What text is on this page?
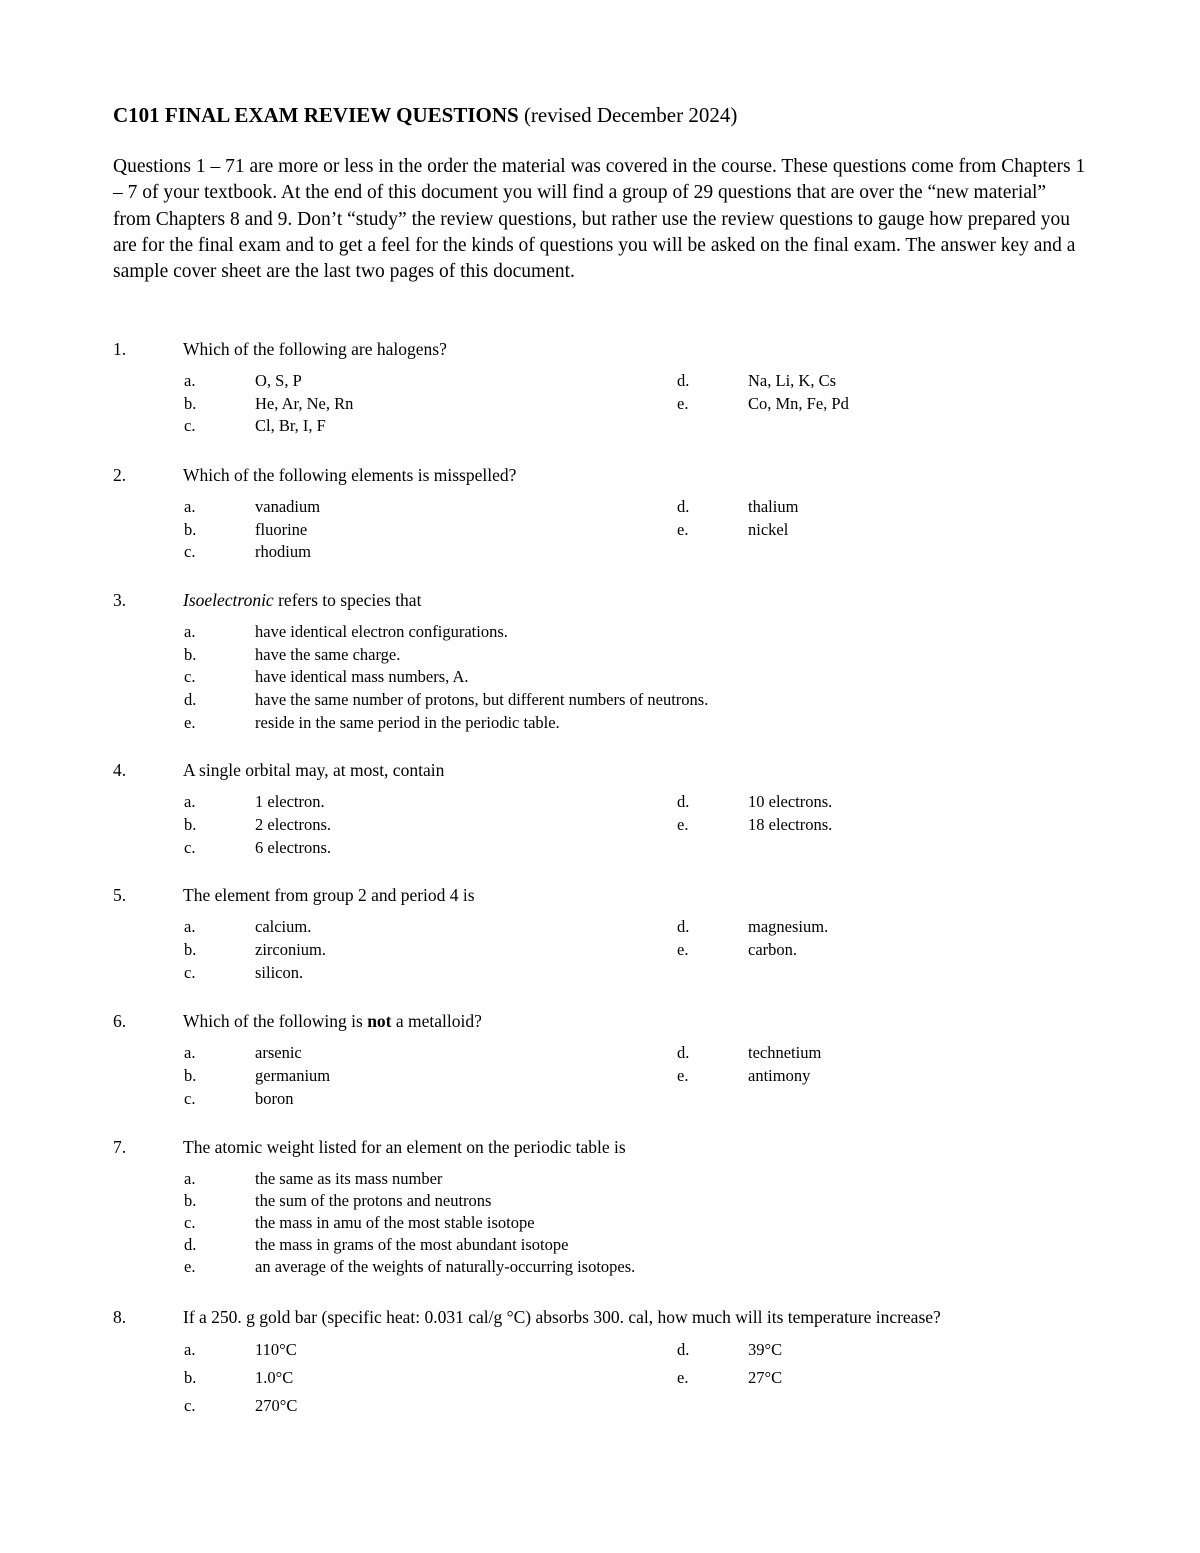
C101 FINAL EXAM REVIEW QUESTIONS (revised December 2024)

Questions 1 – 71 are more or less in the order the material was covered in the course. These questions come from Chapters 1 – 7 of your textbook. At the end of this document you will find a group of 29 questions that are over the “new material” from Chapters 8 and 9. Don’t “study” the review questions, but rather use the review questions to gauge how prepared you are for the final exam and to get a feel for the kinds of questions you will be asked on the final exam. The answer key and a sample cover sheet are the last two pages of this document.

1.	Which of the following are halogens?
a.	O, S, P
b.	He, Ar, Ne, Rn
c.	Cl, Br, I, F
d.	Na, Li, K, Cs
e.	Co, Mn, Fe, Pd
2.	Which of the following elements is misspelled?
a.	vanadium
b.	fluorine
c.	rhodium
d.	thalium
e.	nickel
3.	Isoelectronic refers to species that
a.	have identical electron configurations.
b.	have the same charge.
c.	have identical mass numbers, A.
d.	have the same number of protons, but different numbers of neutrons.
e.	reside in the same period in the periodic table.
4.	A single orbital may, at most, contain
a.	1 electron.
b.	2 electrons.
c.	6 electrons.
d.	10 electrons.
e.	18 electrons.
5.	The element from group 2 and period 4 is
a.	calcium.
b.	zirconium.
c.	silicon.
d.	magnesium.
e.	carbon.
6.	Which of the following is not a metalloid?
a.	arsenic
b.	germanium
c.	boron
d.	technetium
e.	antimony
7.	The atomic weight listed for an element on the periodic table is
a.	the same as its mass number
b.	the sum of the protons and neutrons
c.	the mass in amu of the most stable isotope
d.	the mass in grams of the most abundant isotope
e.	an average of the weights of naturally-occurring isotopes.
8.	If a 250. g gold bar (specific heat: 0.031 cal/g °C) absorbs 300. cal, how much will its temperature increase?
a.	110°C
b.	1.0°C
c.	270°C
d.	39°C
e.	27°C
